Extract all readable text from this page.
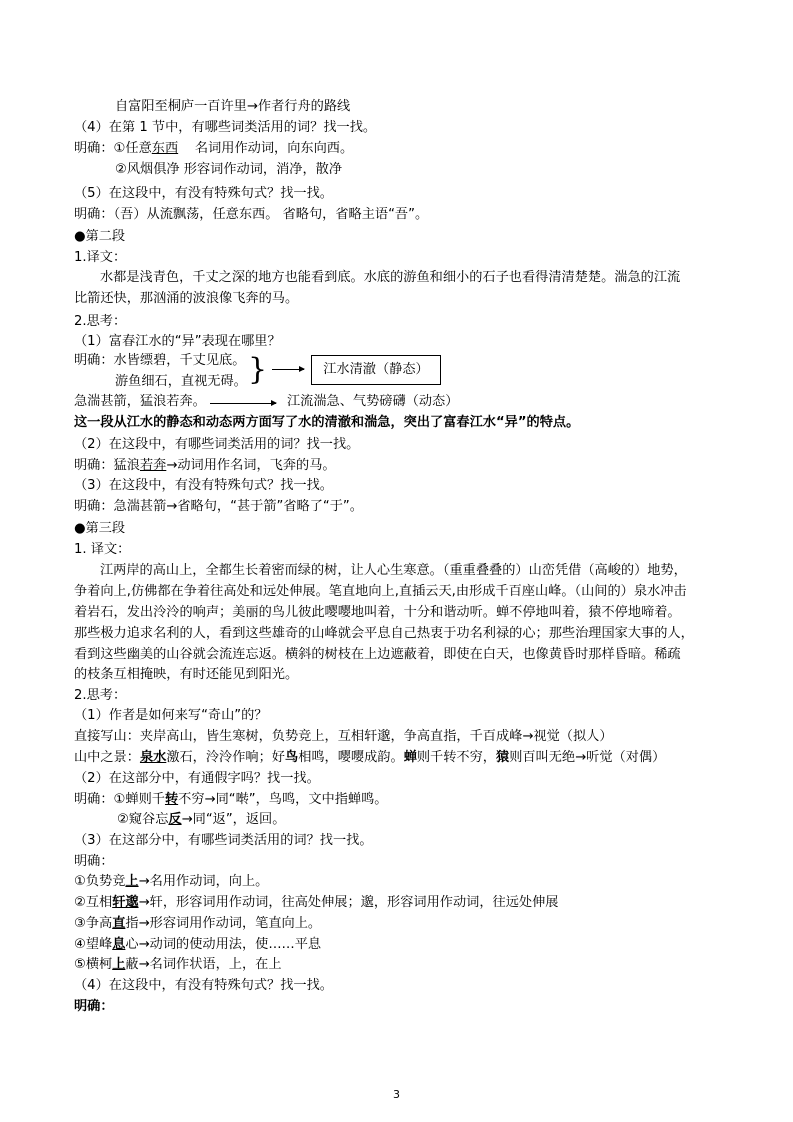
自富阳至桐庐一百许里→作者行舟的路线
（4）在第 1 节中，有哪些词类活用的词？找一找。
明确：①任意东西    名词用作动词，向东向西。
②风烟俱净 形容词作动词，消净，散净
（5）在这段中，有没有特殊句式？找一找。
明确：（吾）从流飘荡，任意东西。 省略句，省略主语“吾”。
●第二段
1.译文：
水都是浅青色，千丈之深的地方也能看到底。水底的游鱼和细小的石子也看得清清楚楚。湍急的江流
比箭还快，那汹涌的波浪像飞奔的马。
2.思考：
（1）富春江水的“异”表现在哪里？
明确：水皆缥碧，千丈见底。
游鱼细石，直视无碍。 }	江水清澈（静态）
急湍甚箭，猛浪若奔。	江流湍急、气势磅礴（动态）
这一段从江水的静态和动态两方面写了水的清澈和湍急，突出了富春江水“异”的特点。
（2）在这段中，有哪些词类活用的词？找一找。
明确：猛浪若奔→动词用作名词，飞奔的马。
（3）在这段中，有没有特殊句式？找一找。
明确：急湍甚箭→省略句，“甚于箭”省略了“于”。
●第三段
1. 译文：
江两岸的高山上，全都生长着密而绿的树，让人心生寒意。（重重叠叠的）山峦凭借（高峻的）地势，
争着向上,仿佛都在争着往高处和远处伸展。笔直地向上,直插云天,由形成千百座山峰。（山间的）泉水冲击
着岩石，发出泠泠的响声；美丽的鸟儿彼此嘤嘤地叫着，十分和谐动听。蝉不停地叫着，猿不停地啼着。
那些极力追求名利的人，看到这些雄奇的山峰就会平息自己热衷于功名利禄的心；那些治理国家大事的人，
看到这些幽美的山谷就会流连忘返。横斜的树枝在上边遮蔽着，即使在白天，也像黄昏时那样昏暗。稀疏
的枝条互相掩映，有时还能见到阳光。
2.思考：
（1）作者是如何来写“奇山”的？
直接写山：夹岸高山，皆生寒树，负势竞上，互相轩邈，争高直指，千百成峰→视觉（拟人）
山中之景：泉水激石，泠泠作响；好鸟相鸣，嘤嘤成韵。蝉则千转不穷，猿则百叫无绝→听觉（对偶）
（2）在这部分中，有通假字吗？找一找。
明确：①蝉则千转不穷→同“啭”，鸟鸣，文中指蝉鸣。
②窥谷忘反→同“返”，返回。
（3）在这部分中，有哪些词类活用的词？找一找。
明确：
①负势竞上→名用作动词，向上。
②互相轩邈→轩，形容词用作动词，往高处伸展；邈，形容词用作动词，往远处伸展
③争高直指→形容词用作动词，笔直向上。
④望峰息心→动词的使动用法，使……平息
⑤横柯上蔽→名词作状语，上，在上
（4）在这段中，有没有特殊句式？找一找。
明确：
3
